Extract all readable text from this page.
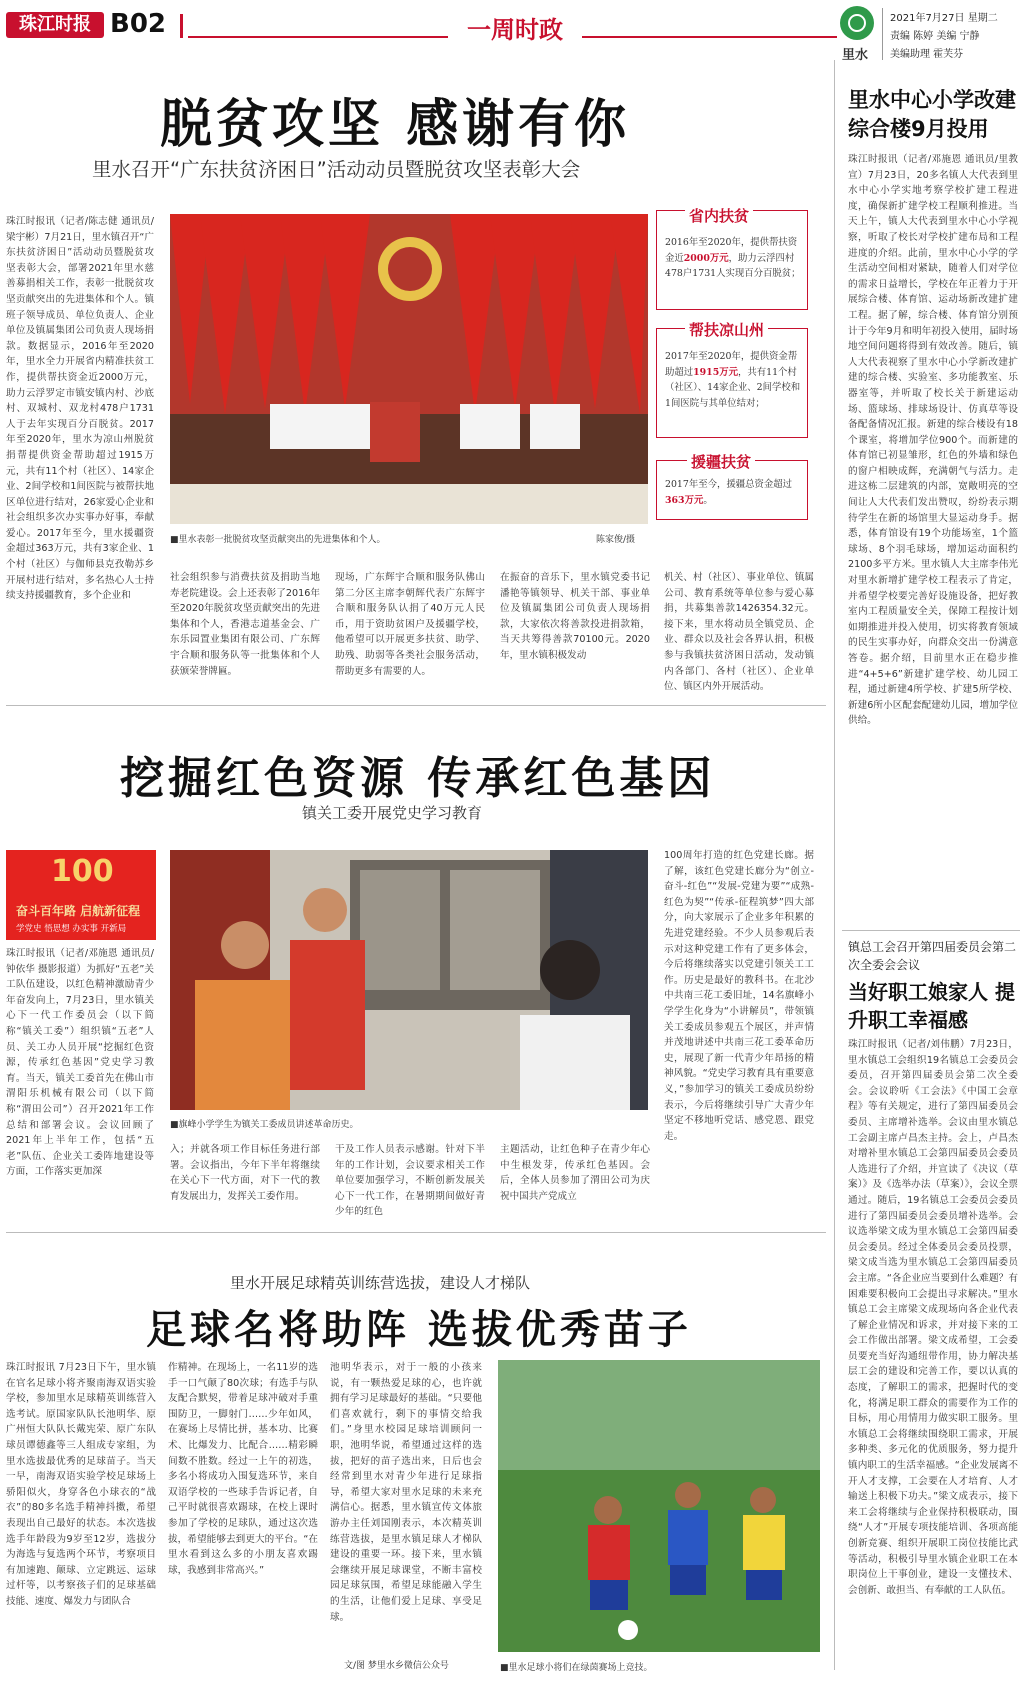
珠江时报 B02	一周时政
里水
2021年7月27日 星期二
责编 陈婷 美编 宁静
美编助理 霍芙芬
脱贫攻坚 感谢有你
里水召开“广东扶贫济困日”活动动员暨脱贫攻坚表彰大会
珠江时报讯（记者/陈志健 通讯员/梁宇彬）7月21日，里水镇召开“广东扶贫济困日”活动动员暨脱贫攻坚表彰大会，部署2021年里水慈善募捐相关工作，表彰一批脱贫攻坚贡献突出的先进集体和个人。镇班子领导成员、单位负责人、企业单位及镇属集团公司负责人现场捐款。数据显示，2016年至2020年，里水全力开展省内精准扶贫工作，提供帮扶资金近2000万元，助力云浮罗定市镇安镇内村、沙底村、双城村、双龙村478户1731人于去年实现百分百脱贫。2017年至2020年，里水为凉山州脱贫捐帮提供资金帮助超过1915万元，共有11个村（社区）、14家企业、2间学校和1间医院与被帮扶地区单位进行结对，26家爱心企业和社会组织多次办实事办好事，奉献爱心。2017年至今，里水援疆资金超过363万元，共有3家企业、1个村（社区）与伽师县克孜勒苏乡开展村进行结对，多名热心人士持续支持援疆教育，多个企业和
■里水表彰一批脱贫攻坚贡献突出的先进集体和个人。	陈家俊/摄
省内扶贫
2016年至2020年，提供帮扶资金近2000万元，助力云浮四村478户1731人实现百分百脱贫；
帮扶凉山州
2017年至2020年，提供资金帮助超过1915万元，共有11个村（社区）、14家企业、2间学校和1间医院与其单位结对；
援疆扶贫
2017年至今，援疆总资金超过363万元。
社会组织参与消费扶贫及捐助当地寿老院建设。会上还表彰了2016年至2020年脱贫攻坚贡献突出的先进集体和个人，香港志道基金会、广东乐园置业集团有限公司、广东辉宇合顺和服务队等一批集体和个人获颁荣誉牌匾。
现场，广东辉宇合顺和服务队佛山第二分区主席李朝辉代表广东辉宇合顺和服务队认捐了40万元人民币，用于资助贫困户及援疆学校，他希望可以开展更多扶贫、助学、助残、助弱等各类社会服务活动，帮助更多有需要的人。
在振奋的音乐下，里水镇党委书记潘艳等镇领导、机关干部、事业单位及镇属集团公司负责人现场捐款，大家依次将善款投进捐款箱，当天共筹得善款70100元。2020年，里水镇积极发动
机关、村（社区）、事业单位、镇属公司、教育系统等单位参与爱心募捐，共募集善款1426354.32元。接下来，里水将动员全镇党员、企业、群众以及社会各界认捐，积极参与我镇扶贫济困日活动，发动镇内各部门、各村（社区）、企业单位、镇区内外开展活动。
挖掘红色资源 传承红色基因
镇关工委开展党史学习教育
100
奋斗百年路 启航新征程
学党史 悟思想 办实事 开新局
珠江时报讯（记者/邓施恩 通讯员/钟依华 摄影报道）为抓好“五老”关工队伍建设，以红色精神激励青少年奋发向上，7月23日，里水镇关心下一代工作委员会（以下简称“镇关工委”）组织镇“五老”人员、关工办人员开展“挖掘红色资源，传承红色基因”党史学习教育。当天，镇关工委首先在佛山市渭阳乐机械有限公司（以下简称“渭田公司”）召开2021年工作总结和部署会议。会议回顾了2021年上半年工作，包括“五老”队伍、企业关工委阵地建设等方面，工作落实更加深
■旗峰小学学生为镇关工委成员讲述革命历史。
入；并就各项工作目标任务进行部署。会议指出，今年下半年将继续在关心下一代方面，对下一代的教育发展出力，发挥关工委作用。
干及工作人员表示感谢。针对下半年的工作计划，会议要求相关工作单位要加强学习，不断创新发展关心下一代工作，在暑期期间做好青少年的红色
主题活动，让红色种子在青少年心中生根发芽，传承红色基因。会后，全体人员参加了渭田公司为庆祝中国共产党成立
100周年打造的红色党建长廊。据了解，该红色党建长廊分为“创立-奋斗-红色”“发展-党建为要”“成熟-红色为契”“传承-征程筑梦”四大部分，向大家展示了企业多年积累的先进党建经验。不少人员参观后表示对这种党建工作有了更多体会，今后将继续落实以党建引领关工工作。历史是最好的教科书。在北沙中共南三花工委旧址，14名旗峰小学学生化身为“小讲解员”，带领镇关工委成员参观五个展区，并声情并茂地讲述中共南三花工委革命历史，展现了新一代青少年昂扬的精神风貌。“党史学习教育具有重要意义，”参加学习的镇关工委成员纷纷表示，今后将继续引导广大青少年坚定不移地听党话、感党恩、跟党走。
里水开展足球精英训练营选拔，建设人才梯队
足球名将助阵 选拔优秀苗子
珠江时报讯 7月23日下午，里水镇在官名足球小将齐聚南海双语实验学校，参加里水足球精英训练营入选考试。原国家队队长池明华、原广州恒大队队长戴宪荣、原广东队球员谭德鑫等三人组成专家组，为里水选拔最优秀的足球苗子。当天一早，南海双语实验学校足球场上骄阳似火，身穿各色小球衣的“战衣”的80多名选手精神抖擞，希望表现出自己最好的状态。本次选拔选手年龄段为9岁至12岁，选拔分为海选与复选两个环节，考察项目有加速跑、颠球、立定跳远、运球过杆等，以考察孩子们的足球基础技能、速度、爆发力与团队合
作精神。在现场上，一名11岁的选手一口气颠了80次球；有选手与队友配合默契，带着足球冲破对手重围防卫，一脚射门……少年如风，在赛场上尽情比拼，基本功、比赛术、比爆发力、比配合……精彩瞬间数不胜数。经过一上午的初选，多名小将成功入围复选环节，来自双语学校的一些球手告诉记者，自己平时就很喜欢踢球，在校上课时参加了学校的足球队，通过这次选拔，希望能够去到更大的平台。“在里水看到这么多的小朋友喜欢踢球，我感到非常高兴。”
池明华表示，对于一般的小孩来说，有一颗热爱足球的心，也许就拥有学习足球最好的基础。“只要他们喜欢就行，剩下的事情交给我们。”身里水校园足球培训顾问一职，池明华说，希望通过这样的选拔，把好的苗子选出来，日后也会经常到里水对青少年进行足球指导，希望大家对里水足球的未来充满信心。据悉，里水镇宣传文体旅游办主任刘国刚表示，本次精英训练营选拔，是里水镇足球人才梯队建设的重要一环。接下来，里水镇会继续开展足球课堂，不断丰富校园足球氛围，希望足球能融入学生的生活，让他们爱上足球、享受足球。
文/图 梦里水乡微信公众号	■里水足球小将们在绿茵赛场上竞技。
里水中心小学改建综合楼9月投用
珠江时报讯（记者/邓施恩 通讯员/里教宣）7月23日，20多名镇人大代表到里水中心小学实地考察学校扩建工程进度，确保新扩建学校工程顺利推进。当天上午，镇人大代表到里水中心小学视察，听取了校长对学校扩建布局和工程进度的介绍。此前，里水中心小学的学生活动空间相对紧缺，随着人们对学位的需求日益增长，学校在年正着力于开展综合楼、体育馆、运动场新改建扩建工程。据了解，综合楼、体育馆分别预计于今年9月和明年初投入使用，届时场地空间问题将得到有效改善。随后，镇人大代表视察了里水中心小学新改建扩建的综合楼、实验室、多功能教室、乐器室等，并听取了校长关于新建运动场、篮球场、排球场设计、仿真草等设备配备情况汇报。新建的综合楼设有18个课室，将增加学位900个。而新建的体育馆已初显雏形，红色的外墙和绿色的窗户相映成辉，充满朝气与活力。走进这栋二层建筑的内部，宽敞明亮的空间让人大代表们发出赞叹，纷纷表示期待学生在新的场馆里大显运动身手。据悉，体育馆设有19个功能场室，1个篮球场、8个羽毛球场，增加运动面积约2100多平方米。里水镇人大主席李伟光对里水新增扩建学校工程表示了肯定，并希望学校要完善好设施设备，把好教室内工程质量安全关，保障工程按计划如期推进并投入使用，切实将教育领域的民生实事办好，向群众交出一份满意答卷。据介绍，目前里水正在稳步推进“4+5+6”新建扩建学校、幼儿园工程，通过新建4所学校、扩建5所学校、新建6所小区配套配建幼儿园，增加学位供给。
镇总工会召开第四届委员会第二次全委会会议
当好职工娘家人 提升职工幸福感
珠江时报讯（记者/刘伟鹏）7月23日，里水镇总工会组织19名镇总工会委员会委员，召开第四届委员会第二次全委会。会议聆听《工会法》《中国工会章程》等有关规定，进行了第四届委员会委员、主席增补选举。会议由里水镇总工会副主席卢昌杰主持。会上，卢昌杰对增补里水镇总工会第四届委员会委员人选进行了介绍，并宣读了《决议（草案）》及《选举办法（草案）》，会议全票通过。随后，19名镇总工会委员会委员进行了第四届委员会委员增补选举。会议选举梁文成为里水镇总工会第四届委员会委员。经过全体委员会委员投票，梁文成当选为里水镇总工会第四届委员会主席。“各企业应当要到什么难题？有困难要积极向工会提出寻求解决。”里水镇总工会主席梁文成现场向各企业代表了解企业情况和诉求，并对接下来的工会工作做出部署。梁文成希望，工会委员要充当好沟通纽带作用，协力解决基层工会的建设和完善工作，要以认真的态度，了解职工的需求，把握时代的变化，将满足职工群众的需要作为工作的目标，用心用情用力做实职工服务。里水镇总工会将继续围绕职工需求，开展多种类、多元化的优质服务，努力提升镇内职工的生活幸福感。“企业发展离不开人才支撑，工会要在人才培育、人才输送上积极下功夫。”梁文成表示，接下来工会将继续与企业保持积极联动，围绕“人才”开展专项技能培训、各项高能创新竞赛、组织开展职工岗位技能比武等活动，积极引导里水镇企业职工在本职岗位上干事创业，建设一支懂技术、会创新、敢担当、有奉献的工人队伍。
